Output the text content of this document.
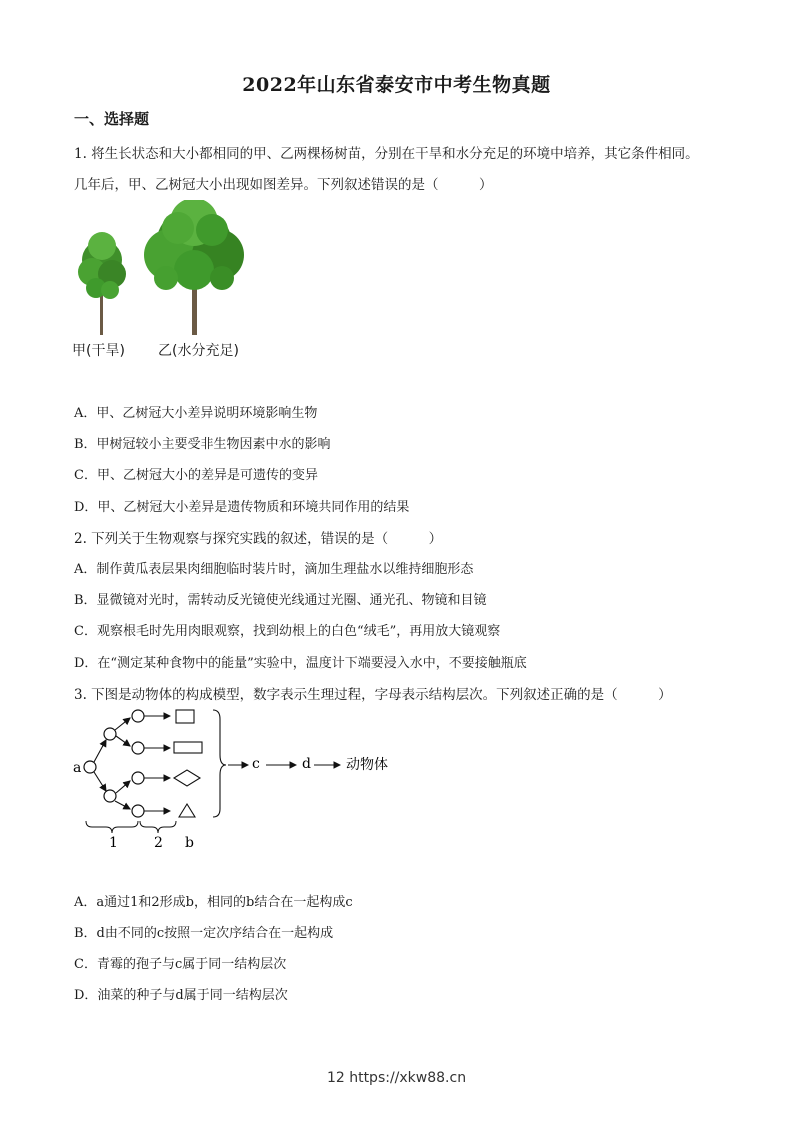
2022年山东省泰安市中考生物真题
一、选择题
1. 将生长状态和大小都相同的甲、乙两棵杨树苗，分别在干旱和水分充足的环境中培养，其它条件相同。
几年后，甲、乙树冠大小出现如图差异。下列叙述错误的是（　　　）
甲(干旱) 乙(水分充足)
A．甲、乙树冠大小差异说明环境影响生物
B．甲树冠较小主要受非生物因素中水的影响
C．甲、乙树冠大小的差异是可遗传的变异
D．甲、乙树冠大小差异是遗传物质和环境共同作用的结果
2. 下列关于生物观察与探究实践的叙述，错误的是（　　　）
A．制作黄瓜表层果肉细胞临时装片时，滴加生理盐水以维持细胞形态
B．显微镜对光时，需转动反光镜使光线通过光圈、通光孔、物镜和目镜
C．观察根毛时先用肉眼观察，找到幼根上的白色“绒毛”，再用放大镜观察
D．在“测定某种食物中的能量”实验中，温度计下端要浸入水中，不要接触瓶底
3. 下图是动物体的构成模型，数字表示生理过程，字母表示结构层次。下列叙述正确的是（　　　）
a	c	d	动物体
1	2 b
A．a通过1和2形成b，相同的b结合在一起构成c
B．d由不同的c按照一定次序结合在一起构成
C．青霉的孢子与c属于同一结构层次
D．油菜的种子与d属于同一结构层次
12 https://xkw88.cn
